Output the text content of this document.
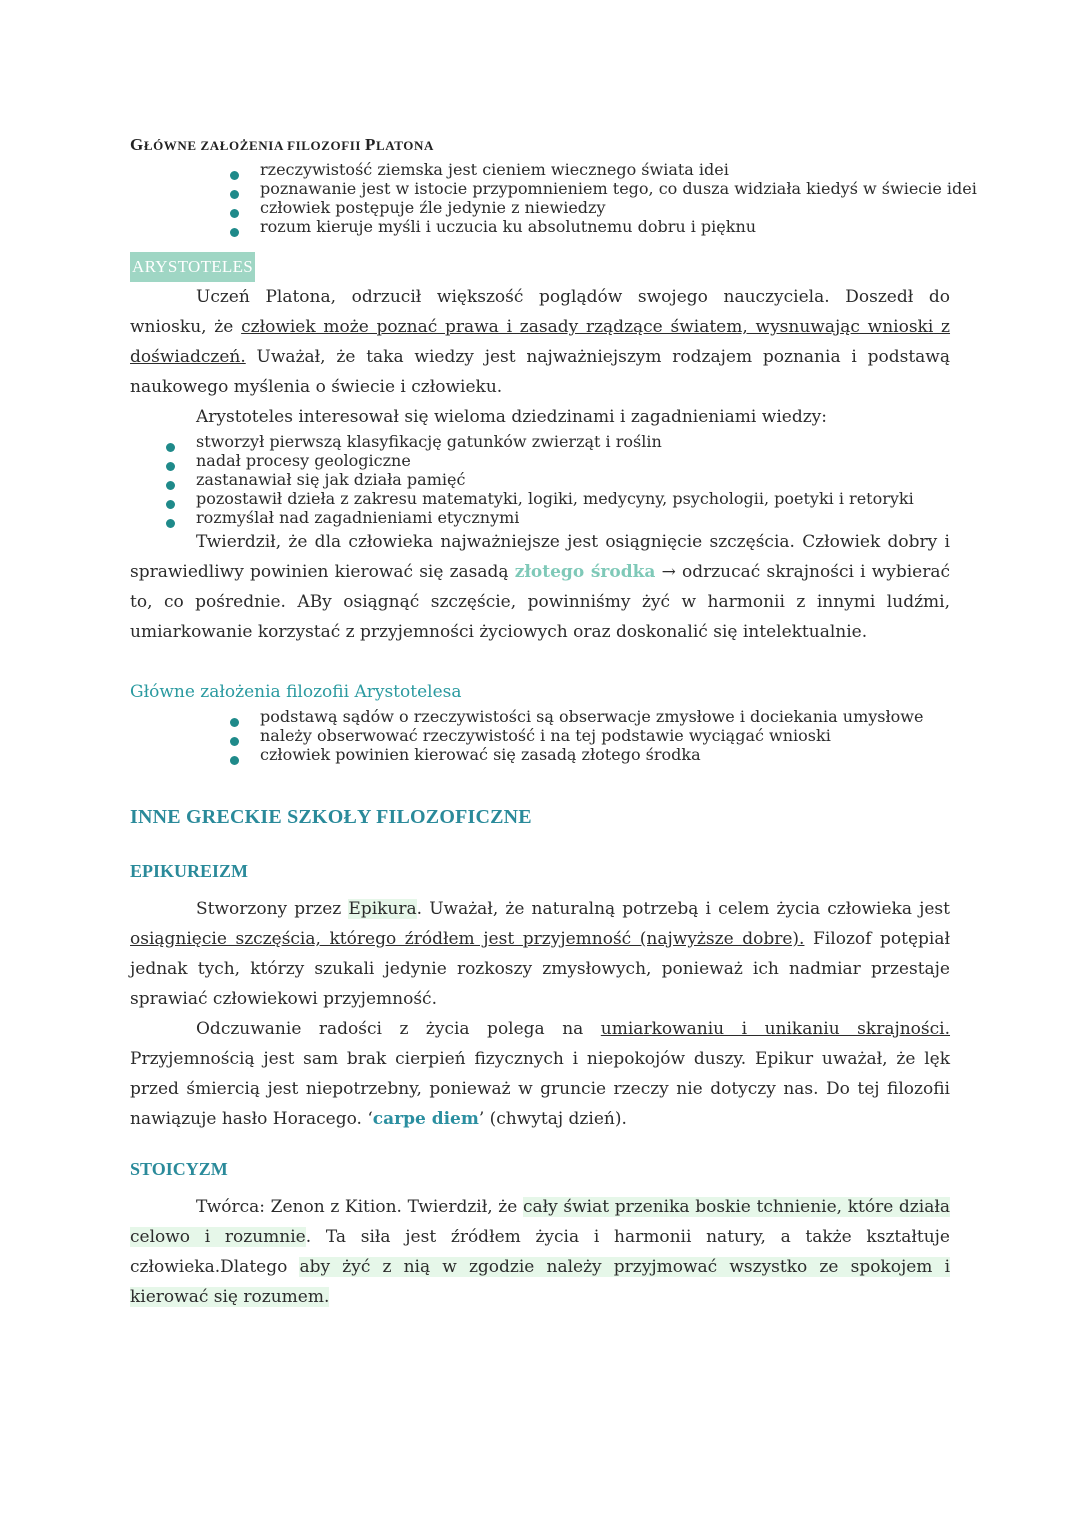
GŁÓWNE ZAŁOŻENIA FILOZOFII PLATONA
rzeczywistość ziemska jest cieniem wiecznego świata idei
poznawanie jest w istocie przypomnieniem tego, co dusza widziała kiedyś w świecie idei
człowiek postępuje źle jedynie z niewiedzy
rozum kieruje myśli i uczucia ku absolutnemu dobru i pięknu
ARYSTOTELES

Uczeń Platona, odrzucił większość poglądów swojego nauczyciela. Doszedł do wniosku, że człowiek może poznać prawa i zasady rządzące światem, wysnuwając wnioski z doświadczeń. Uważał, że taka wiedzy jest najważniejszym rodzajem poznania i podstawą naukowego myślenia o świecie i człowieku.

Arystoteles interesował się wieloma dziedzinami i zagadnieniami wiedzy:

stworzył pierwszą klasyfikację gatunków zwierząt i roślin
nadał procesy geologiczne
zastanawiał się jak działa pamięć
pozostawił dzieła z zakresu matematyki, logiki, medycyny, psychologii, poetyki i retoryki
rozmyślał nad zagadnieniami etycznymi

Twierdził, że dla człowieka najważniejsze jest osiągnięcie szczęścia. Człowiek dobry i sprawiedliwy powinien kierować się zasadą złotego środka → odrzucać skrajności i wybierać to, co pośrednie. ABy osiągnąć szczęście, powinniśmy żyć w harmonii z innymi ludźmi, umiarkowanie korzystać z przyjemności życiowych oraz doskonalić się intelektualnie.

Główne założenia filozofii Arystotelesa
podstawą sądów o rzeczywistości są obserwacje zmysłowe i dociekania umysłowe
należy obserwować rzeczywistość i na tej podstawie wyciągać wnioski
człowiek powinien kierować się zasadą złotego środka
INNE GRECKIE SZKOŁY FILOZOFICZNE
EPIKUREIZM

Stworzony przez Epikura. Uważał, że naturalną potrzebą i celem życia człowieka jest osiągnięcie szczęścia, którego źródłem jest przyjemność (najwyższe dobre). Filozof potępiał jednak tych, którzy szukali jedynie rozkoszy zmysłowych, ponieważ ich nadmiar przestaje sprawiać człowiekowi przyjemność.

Odczuwanie radości z życia polega na umiarkowaniu i unikaniu skrajności. Przyjemnością jest sam brak cierpień fizycznych i niepokojów duszy. Epikur uważał, że lęk przed śmiercią jest niepotrzebny, ponieważ w gruncie rzeczy nie dotyczy nas. Do tej filozofii nawiązuje hasło Horacego. ‘carpe diem’ (chwytaj dzień).

STOICYZM

Twórca: Zenon z Kition. Twierdził, że cały świat przenika boskie tchnienie, które działa celowo i rozumnie. Ta siła jest źródłem życia i harmonii natury, a także kształtuje człowieka.Dlatego aby żyć z nią w zgodzie należy przyjmować wszystko ze spokojem i kierować się rozumem.
